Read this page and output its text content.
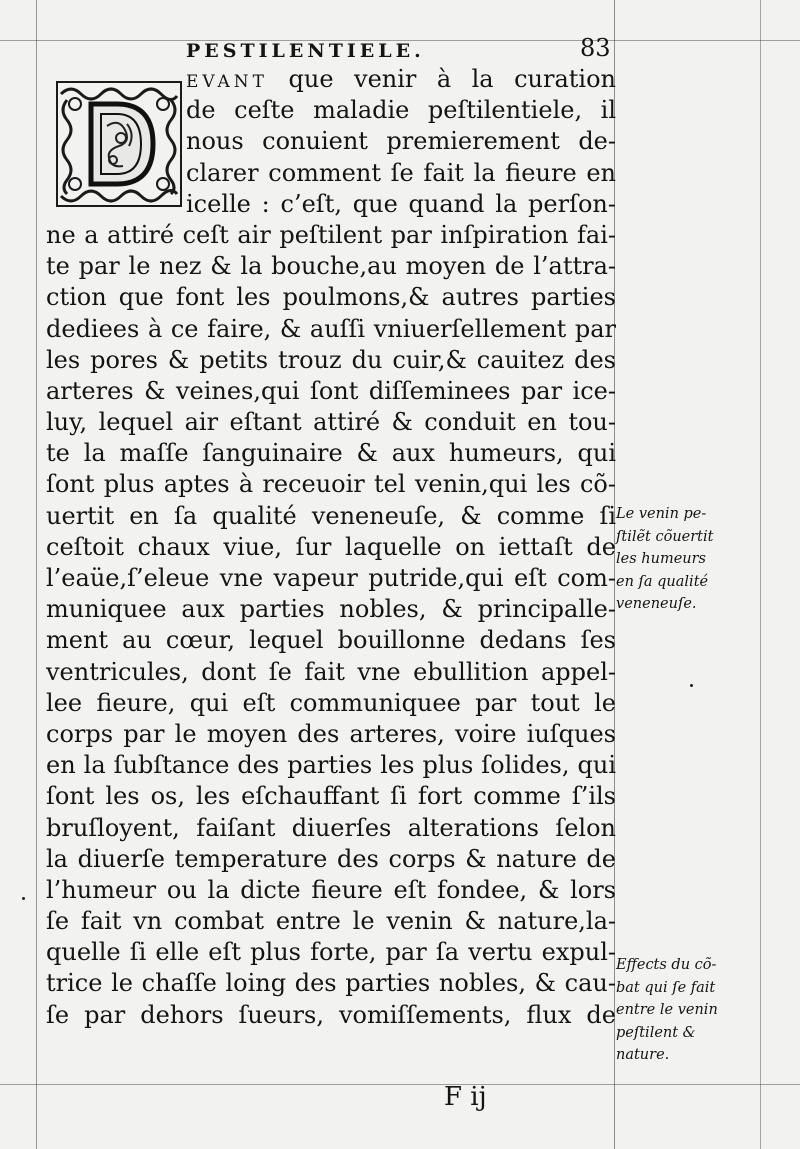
PESTILENTIELE.	83
EVANT que venir à la curation
de ceſte maladie peſtilentiele, il
nous conuient premierement de-
clarer comment ſe fait la fieure en
icelle : c’eſt, que quand la perſon-
ne a attiré ceſt air peſtilent par inſpiration fai-
te par le nez & la bouche,au moyen de l’attra-
ction que font les poulmons,& autres parties
dediees à ce faire, & auſſi vniuerſellement par
les pores & petits trouz du cuir,& cauitez des
arteres & veines,qui ſont diſſeminees par ice-
luy, lequel air eſtant attiré & conduit en tou-
te la maſſe ſanguinaire & aux humeurs, qui
ſont plus aptes à receuoir tel venin,qui les cõ-
uertit en ſa qualité veneneuſe, & comme ſi
ceſtoit chaux viue, ſur laquelle on iettaſt de
l’eaüe,ſ’eleue vne vapeur putride,qui eſt com-
muniquee aux parties nobles, & principalle-
ment au cœur, lequel bouillonne dedans ſes
ventricules, dont ſe fait vne ebullition appel-
lee fieure, qui eſt communiquee par tout le
corps par le moyen des arteres, voire iuſques
en la ſubſtance des parties les plus ſolides, qui
ſont les os, les eſchauffant ſi fort comme ſ’ils
bruſloyent, faiſant diuerſes alterations ſelon
la diuerſe temperature des corps & nature de
l’humeur ou la dicte fieure eſt fondee, & lors
ſe fait vn combat entre le venin & nature,la-
quelle ſi elle eſt plus forte, par ſa vertu expul-
trice le chaſſe loing des parties nobles, & cau-
ſe par dehors ſueurs, vomiſſements, flux de
Le venin pe-
ſtilẽt cõuertit
les humeurs
en ſa qualité
veneneuſe.
Effects du cõ-
bat qui ſe fait
entre le venin
peſtilent &
nature.
F ij
